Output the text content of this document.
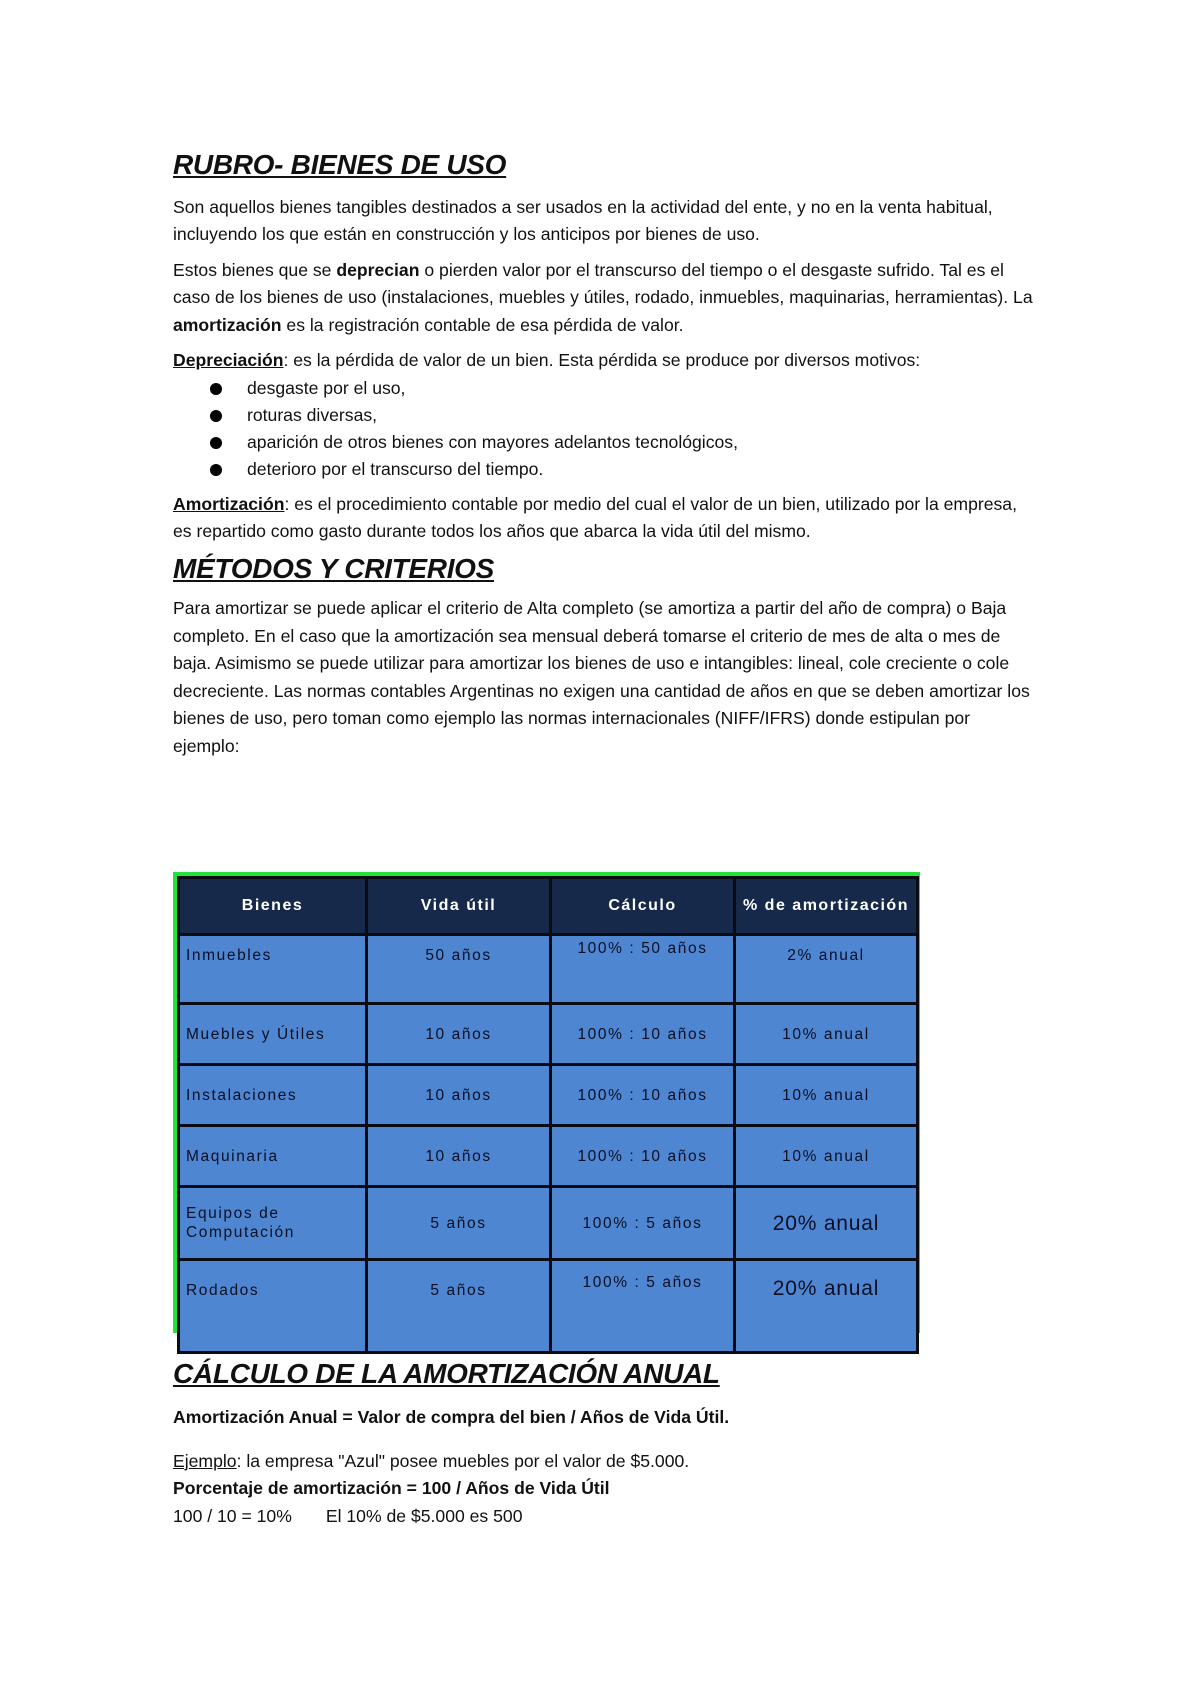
RUBRO- BIENES DE USO

Son aquellos bienes tangibles destinados a ser usados en la actividad del ente, y no en la venta habitual, incluyendo los que están en construcción y los anticipos por bienes de uso.

Estos bienes que se deprecian o pierden valor por el transcurso del tiempo o el desgaste sufrido. Tal es el caso de los bienes de uso (instalaciones, muebles y útiles, rodado, inmuebles, maquinarias, herramientas). La amortización es la registración contable de esa pérdida de valor.

Depreciación: es la pérdida de valor de un bien. Esta pérdida se produce por diversos motivos:

desgaste por el uso,
roturas diversas,
aparición de otros bienes con mayores adelantos tecnológicos,
deterioro por el transcurso del tiempo.

Amortización: es el procedimiento contable por medio del cual el valor de un bien, utilizado por la empresa, es repartido como gasto durante todos los años que abarca la vida útil del mismo.

MÉTODOS Y CRITERIOS

Para amortizar se puede aplicar el criterio de Alta completo (se amortiza a partir del año de compra) o Baja completo. En el caso que la amortización sea mensual deberá tomarse el criterio de mes de alta o mes de baja. Asimismo se puede utilizar para amortizar los bienes de uso e intangibles: lineal, cole creciente o cole decreciente. Las normas contables Argentinas no exigen una cantidad de años en que se deben amortizar los bienes de uso, pero toman como ejemplo las normas internacionales (NIFF/IFRS) donde estipulan por ejemplo:

Bienes	Vida útil	Cálculo	% de amortización
Inmuebles	50 años	100% : 50 años	2% anual
Muebles y Útiles	10 años	100% : 10 años	10% anual
Instalaciones	10 años	100% : 10 años	10% anual
Maquinaria	10 años	100% : 10 años	10% anual
Equipos de Computación	5 años	100% : 5 años	20% anual
Rodados	5 años	100% : 5 años	20% anual
CÁLCULO DE LA AMORTIZACIÓN ANUAL

Amortización Anual = Valor de compra del bien / Años de Vida Útil.

Ejemplo: la empresa "Azul" posee muebles por el valor de $5.000.

Porcentaje de amortización = 100 / Años de Vida Útil

100 / 10 = 10% El 10% de $5.000 es 500
